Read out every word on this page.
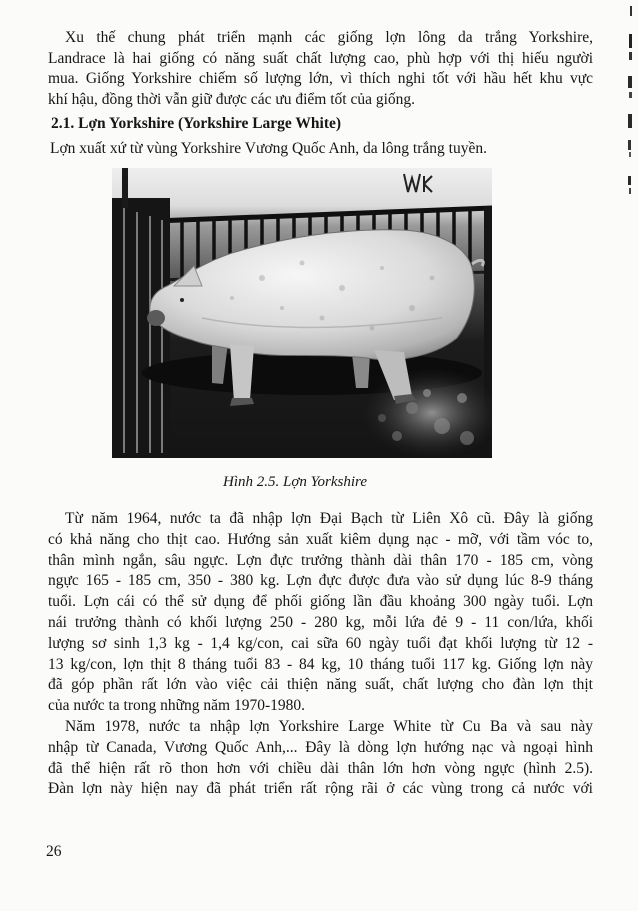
Xu thế chung phát triển mạnh các giống lợn lông da trắng Yorkshire,
Landrace là hai giống có năng suất chất lượng cao, phù hợp với thị hiếu người
mua. Giống Yorkshire chiếm số lượng lớn, vì thích nghi tốt với hầu hết khu vực
khí hậu, đồng thời vẫn giữ được các ưu điểm tốt của giống.
2.1. Lợn Yorkshire (Yorkshire Large White)
Lợn xuất xứ từ vùng Yorkshire Vương Quốc Anh, da lông trắng tuyền.
Hình 2.5. Lợn Yorkshire
Từ năm 1964, nước ta đã nhập lợn Đại Bạch từ Liên Xô cũ. Đây là giống
có khả năng cho thịt cao. Hướng sản xuất kiêm dụng nạc - mỡ, với tầm vóc to,
thân mình ngắn, sâu ngực. Lợn đực trưởng thành dài thân 170 - 185 cm, vòng
ngực 165 - 185 cm, 350 - 380 kg. Lợn đực được đưa vào sử dụng lúc 8-9 tháng
tuổi. Lợn cái có thể sử dụng để phối giống lần đầu khoảng 300 ngày tuổi. Lợn
nái trưởng thành có khối lượng 250 - 280 kg, mỗi lứa đẻ 9 - 11 con/lứa, khối
lượng sơ sinh 1,3 kg - 1,4 kg/con, cai sữa 60 ngày tuổi đạt khối lượng từ 12 -
13 kg/con, lợn thịt 8 tháng tuổi 83 - 84 kg, 10 tháng tuổi 117 kg. Giống lợn này
đã góp phần rất lớn vào việc cải thiện năng suất, chất lượng cho đàn lợn thịt
của nước ta trong những năm 1970-1980.
Năm 1978, nước ta nhập lợn Yorkshire Large White từ Cu Ba và sau này
nhập từ Canada, Vương Quốc Anh,... Đây là dòng lợn hướng nạc và ngoại hình
đã thể hiện rất rõ thon hơn với chiều dài thân lớn hơn vòng ngực (hình 2.5).
Đàn lợn này hiện nay đã phát triển rất rộng rãi ở các vùng trong cả nước với
26
